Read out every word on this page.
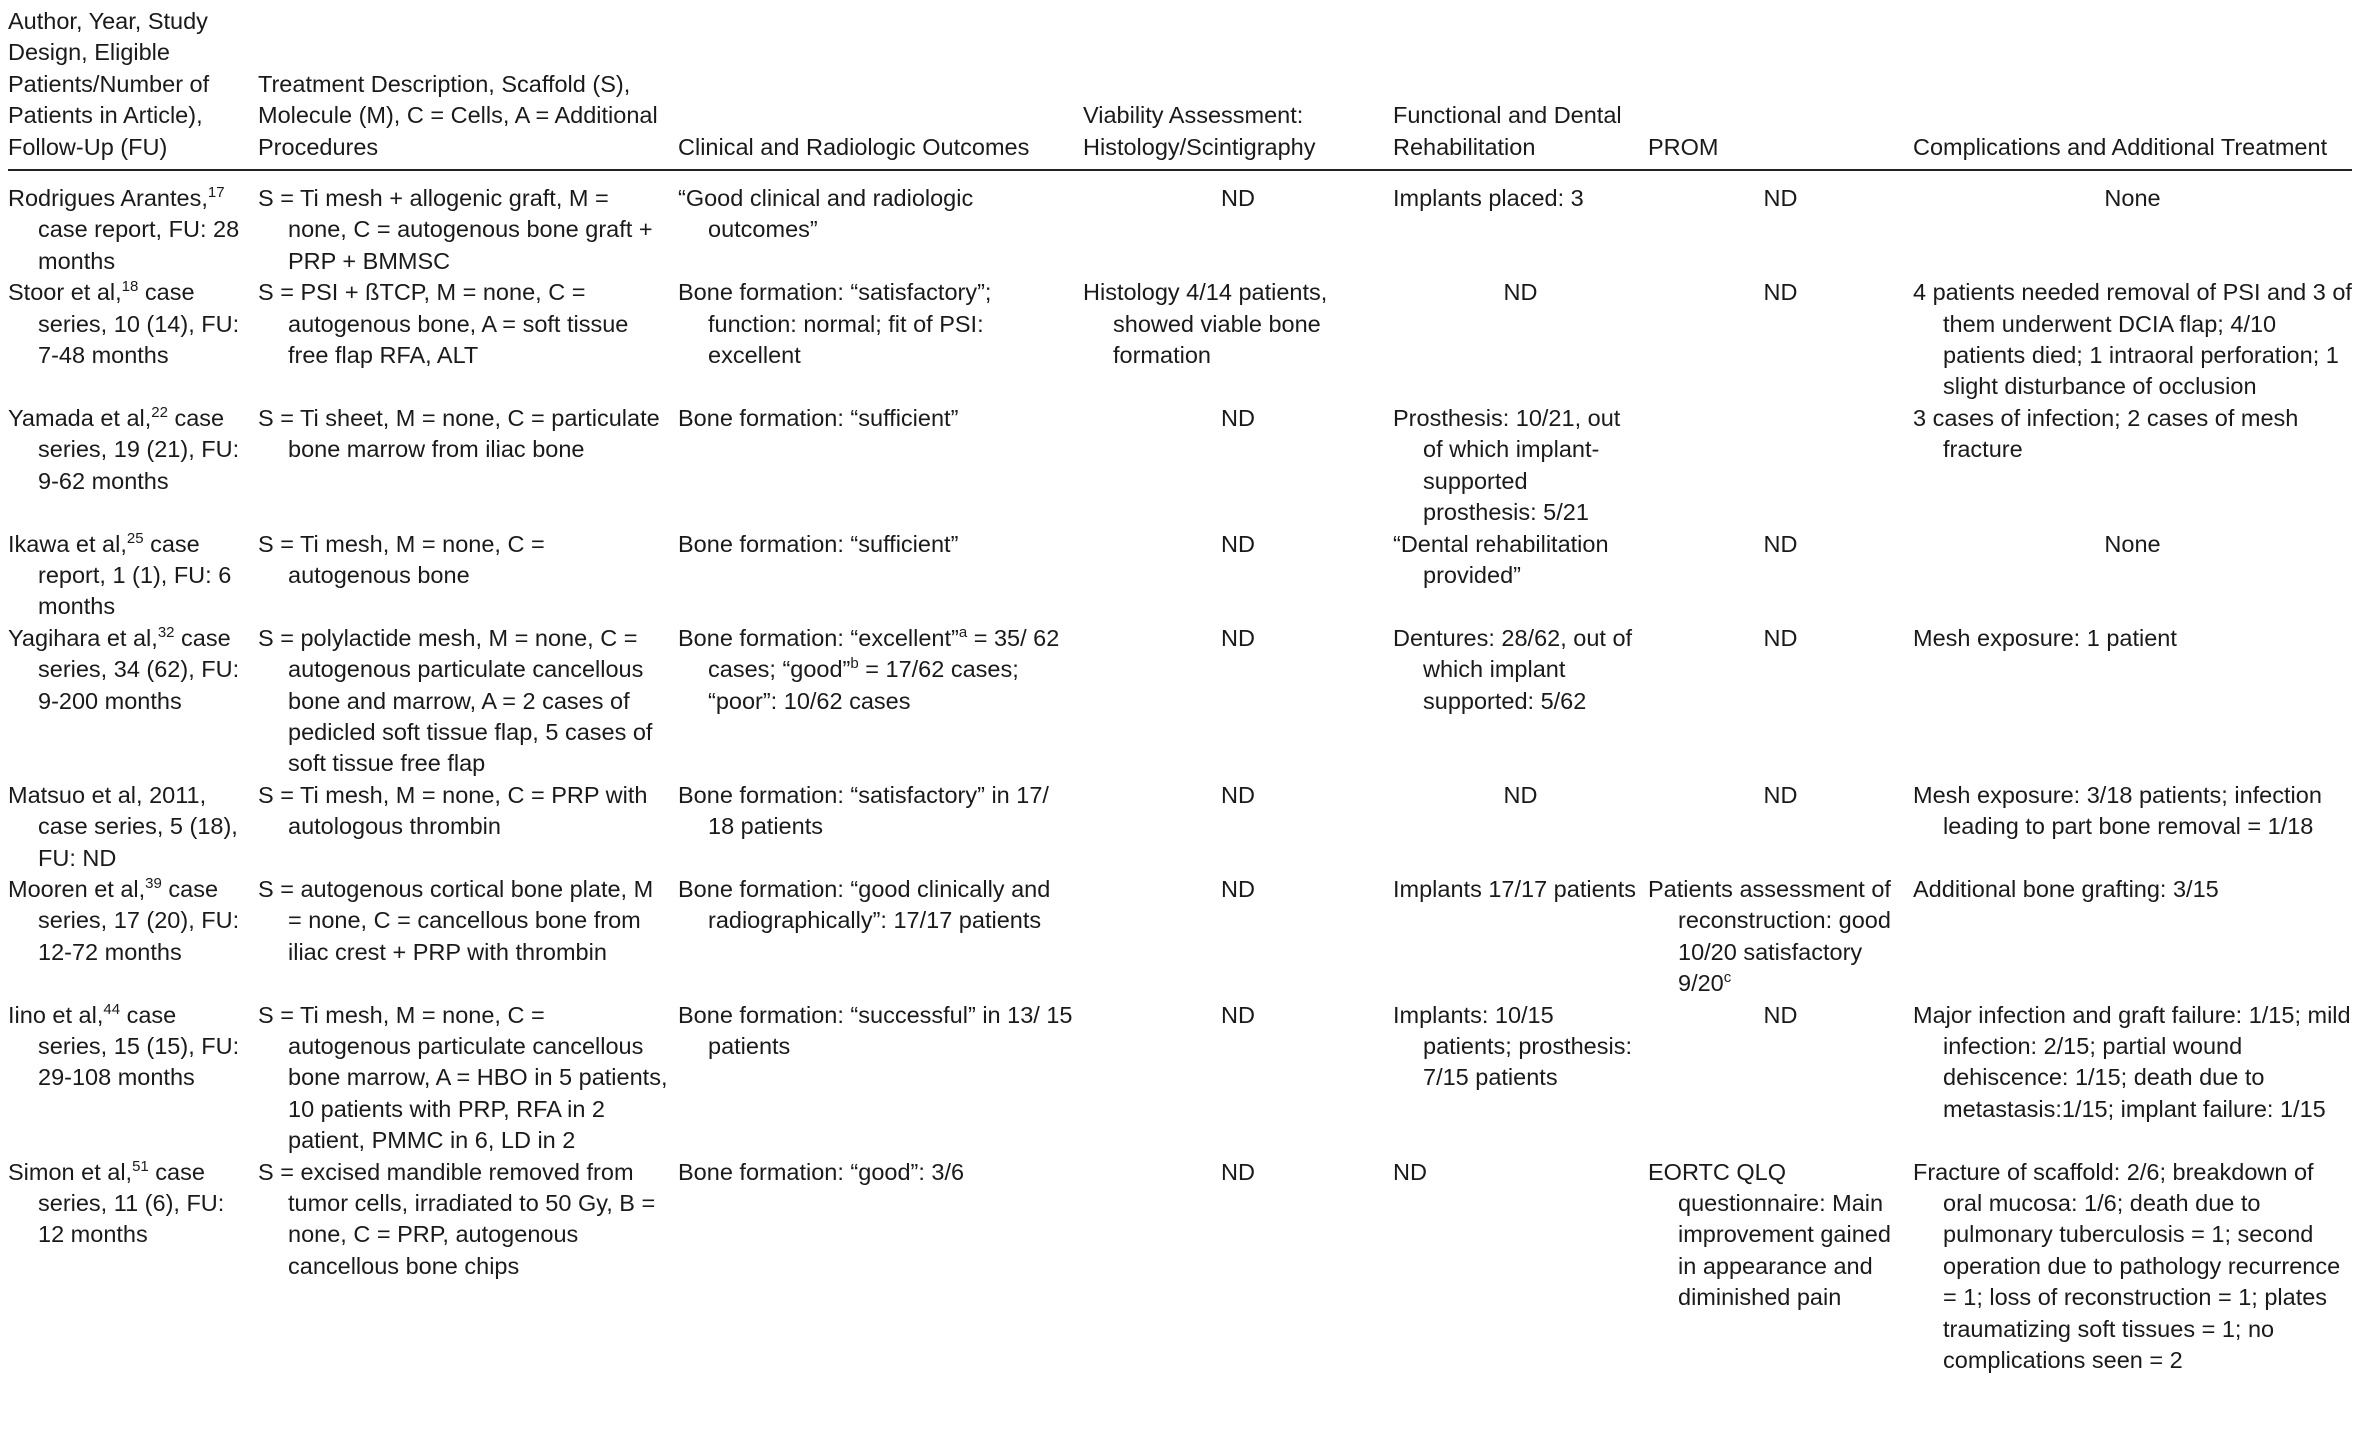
Author, Year, Study Design, Eligible Patients/Number of Patients in Article), Follow-Up (FU)	Treatment Description, Scaffold (S), Molecule (M), C = Cells, A = Additional Procedures	Clinical and Radiologic Outcomes	Viability Assessment: Histology/Scintigraphy	Functional and Dental Rehabilitation	PROM	Complications and Additional Treatment

Rodrigues Arantes,$^{17}$ case report, FU: 28 months	S = Ti mesh + allogenic graft, M = none, C = autogenous bone graft + PRP + BMMSC	“Good clinical and radiologic outcomes”	ND	Implants placed: 3	ND	None

Stoor et al,$^{18}$ case series, 10 (14), FU: 7-48 months	S = PSI + ßTCP, M = none, C = autogenous bone, A = soft tissue free flap RFA, ALT	Bone formation: “satisfactory”; function: normal; fit of PSI: excellent	Histology 4/14 patients, showed viable bone formation	ND	ND	4 patients needed removal of PSI and 3 of them underwent DCIA flap; 4/10 patients died; 1 intraoral perforation; 1 slight disturbance of occlusion

Yamada et al,$^{22}$ case series, 19 (21), FU: 9-62 months	S = Ti sheet, M = none, C = particulate bone marrow from iliac bone	Bone formation: “sufficient”	ND	Prosthesis: 10/21, out of which implant-supported prosthesis: 5/21		3 cases of infection; 2 cases of mesh fracture

Ikawa et al,$^{25}$ case report, 1 (1), FU: 6 months	S = Ti mesh, M = none, C = autogenous bone	Bone formation: “sufficient”	ND	“Dental rehabilitation provided”	ND	None

Yagihara et al,$^{32}$ case series, 34 (62), FU: 9-200 months	S = polylactide mesh, M = none, C = autogenous particulate cancellous bone and marrow, A = 2 cases of pedicled soft tissue flap, 5 cases of soft tissue free flap	Bone formation: “excellent”$^a$ = 35/ 62 cases; “good”$^b$ = 17/62 cases; “poor”: 10/62 cases	ND	Dentures: 28/62, out of which implant supported: 5/62	ND	Mesh exposure: 1 patient

Matsuo et al, 2011, case series, 5 (18), FU: ND	S = Ti mesh, M = none, C = PRP with autologous thrombin	Bone formation: “satisfactory” in 17/ 18 patients	ND	ND	ND	Mesh exposure: 3/18 patients; infection leading to part bone removal = 1/18

Mooren et al,$^{39}$ case series, 17 (20), FU: 12-72 months	S = autogenous cortical bone plate, M = none, C = cancellous bone from iliac crest + PRP with thrombin	Bone formation: “good clinically and radiographically”: 17/17 patients	ND	Implants 17/17 patients	Patients assessment of reconstruction: good 10/20 satisfactory 9/20$^c$	Additional bone grafting: 3/15

Iino et al,$^{44}$ case series, 15 (15), FU: 29-108 months	S = Ti mesh, M = none, C = autogenous particulate cancellous bone marrow, A = HBO in 5 patients, 10 patients with PRP, RFA in 2 patient, PMMC in 6, LD in 2	Bone formation: “successful” in 13/ 15 patients	ND	Implants: 10/15 patients; prosthesis: 7/15 patients	ND	Major infection and graft failure: 1/15; mild infection: 2/15; partial wound dehiscence: 1/15; death due to metastasis:1/15; implant failure: 1/15

Simon et al,$^{51}$ case series, 11 (6), FU: 12 months	S = excised mandible removed from tumor cells, irradiated to 50 Gy, B = none, C = PRP, autogenous cancellous bone chips	Bone formation: “good”: 3/6	ND	ND	EORTC QLQ questionnaire: Main improvement gained in appearance and diminished pain	Fracture of scaffold: 2/6; breakdown of oral mucosa: 1/6; death due to pulmonary tuberculosis = 1; second operation due to pathology recurrence = 1; loss of reconstruction = 1; plates traumatizing soft tissues = 1; no complications seen = 2
